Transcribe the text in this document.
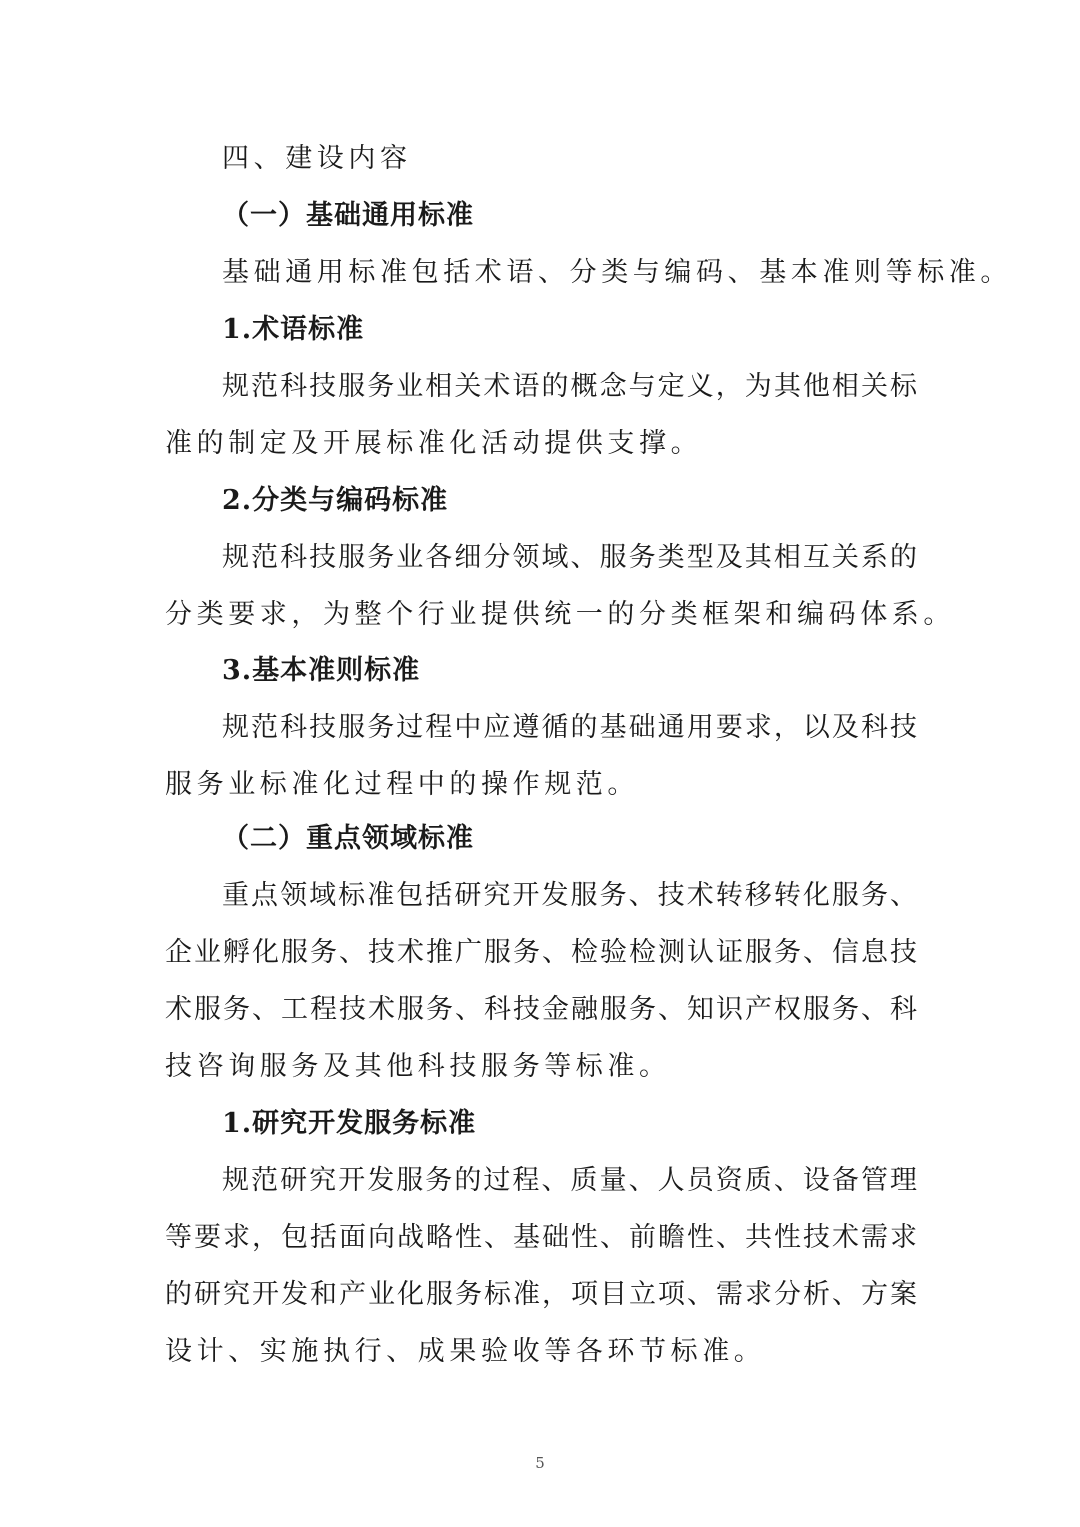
四、建设内容
（一）基础通用标准
基础通用标准包括术语、分类与编码、基本准则等标准。
1.术语标准
规范科技服务业相关术语的概念与定义，为其他相关标
准的制定及开展标准化活动提供支撑。
2.分类与编码标准
规范科技服务业各细分领域、服务类型及其相互关系的
分类要求，为整个行业提供统一的分类框架和编码体系。
3.基本准则标准
规范科技服务过程中应遵循的基础通用要求，以及科技
服务业标准化过程中的操作规范。
（二）重点领域标准
重点领域标准包括研究开发服务、技术转移转化服务、
企业孵化服务、技术推广服务、检验检测认证服务、信息技
术服务、工程技术服务、科技金融服务、知识产权服务、科
技咨询服务及其他科技服务等标准。
1.研究开发服务标准
规范研究开发服务的过程、质量、人员资质、设备管理
等要求，包括面向战略性、基础性、前瞻性、共性技术需求
的研究开发和产业化服务标准，项目立项、需求分析、方案
设计、实施执行、成果验收等各环节标准。
5
